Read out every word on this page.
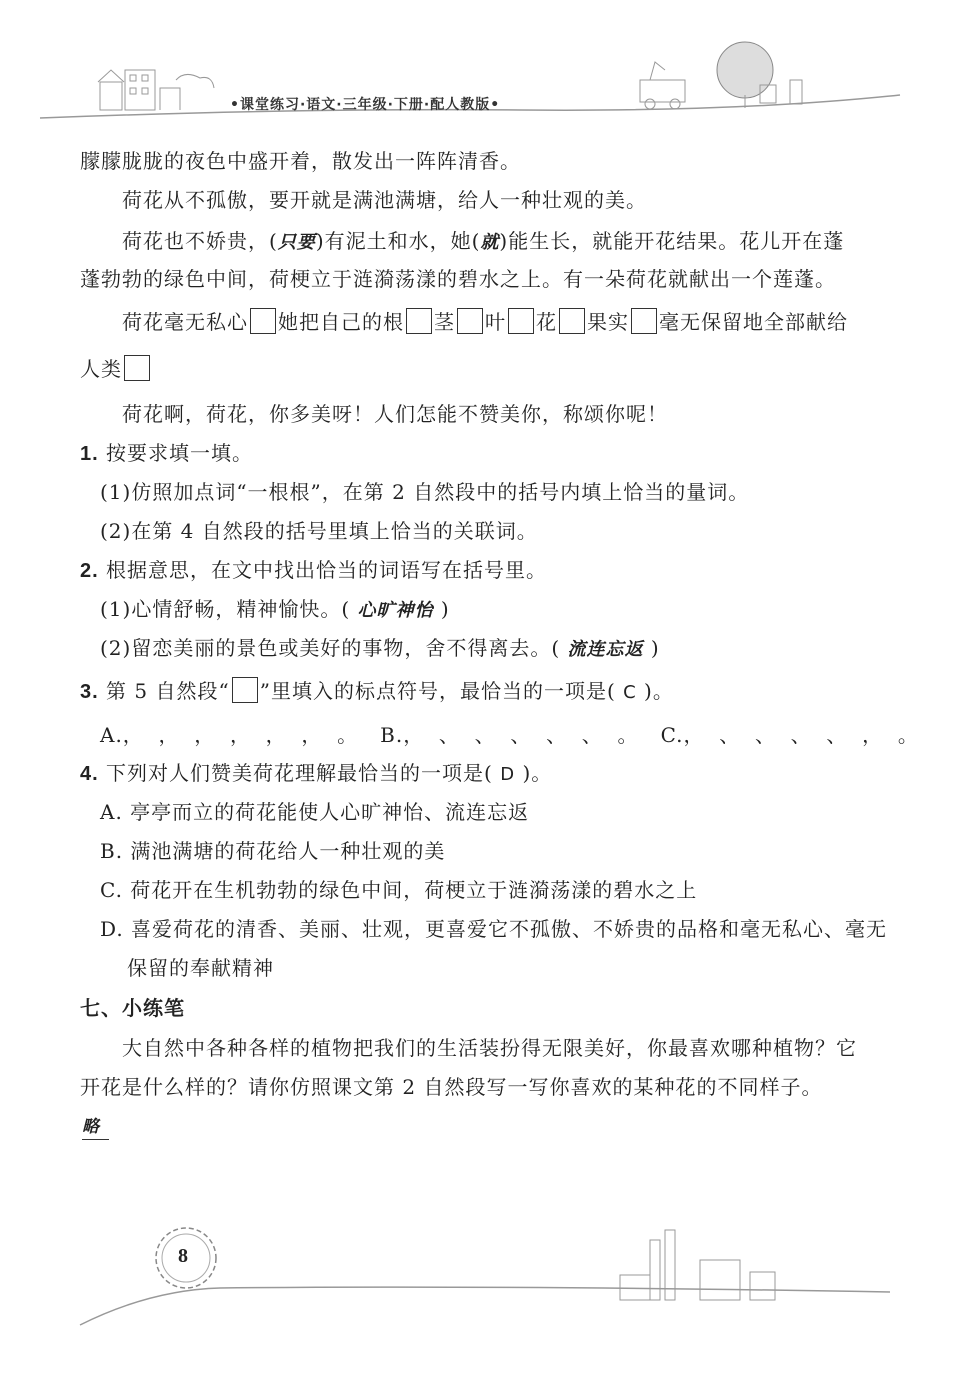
•课堂练习·语文·三年级·下册·配人教版•
朦朦胧胧的夜色中盛开着，散发出一阵阵清香。
荷花从不孤傲，要开就是满池满塘，给人一种壮观的美。
荷花也不娇贵，(只要)有泥土和水，她(就)能生长，就能开花结果。花儿开在蓬
蓬勃勃的绿色中间，荷梗立于涟漪荡漾的碧水之上。有一朵荷花就献出一个莲蓬。
荷花毫无私心 她把自己的根 茎 叶 花 果实 毫无保留地全部献给
人类
荷花啊，荷花，你多美呀！人们怎能不赞美你，称颂你呢！
1. 按要求填一填。
(1)仿照加点词“一根根”，在第 2 自然段中的括号内填上恰当的量词。
(2)在第 4 自然段的括号里填上恰当的关联词。
2. 根据意思，在文中找出恰当的词语写在括号里。
(1)心情舒畅，精神愉快。( 心旷神怡 )
(2)留恋美丽的景色或美好的事物，舍不得离去。( 流连忘返 )
3. 第 5 自然段“ ”里填入的标点符号，最恰当的一项是( C )。
A.，  ，  ，  ，  ，  ，  。   B.，  、  、  、  、  、  。   C.，  、  、  、  、  ，  。
4. 下列对人们赞美荷花理解最恰当的一项是( D )。
A. 亭亭而立的荷花能使人心旷神怡、流连忘返
B. 满池满塘的荷花给人一种壮观的美
C. 荷花开在生机勃勃的绿色中间，荷梗立于涟漪荡漾的碧水之上
D. 喜爱荷花的清香、美丽、壮观，更喜爱它不孤傲、不娇贵的品格和毫无私心、毫无
保留的奉献精神
七、小练笔
大自然中各种各样的植物把我们的生活装扮得无限美好，你最喜欢哪种植物？它
开花是什么样的？请你仿照课文第 2 自然段写一写你喜欢的某种花的不同样子。
略
8
